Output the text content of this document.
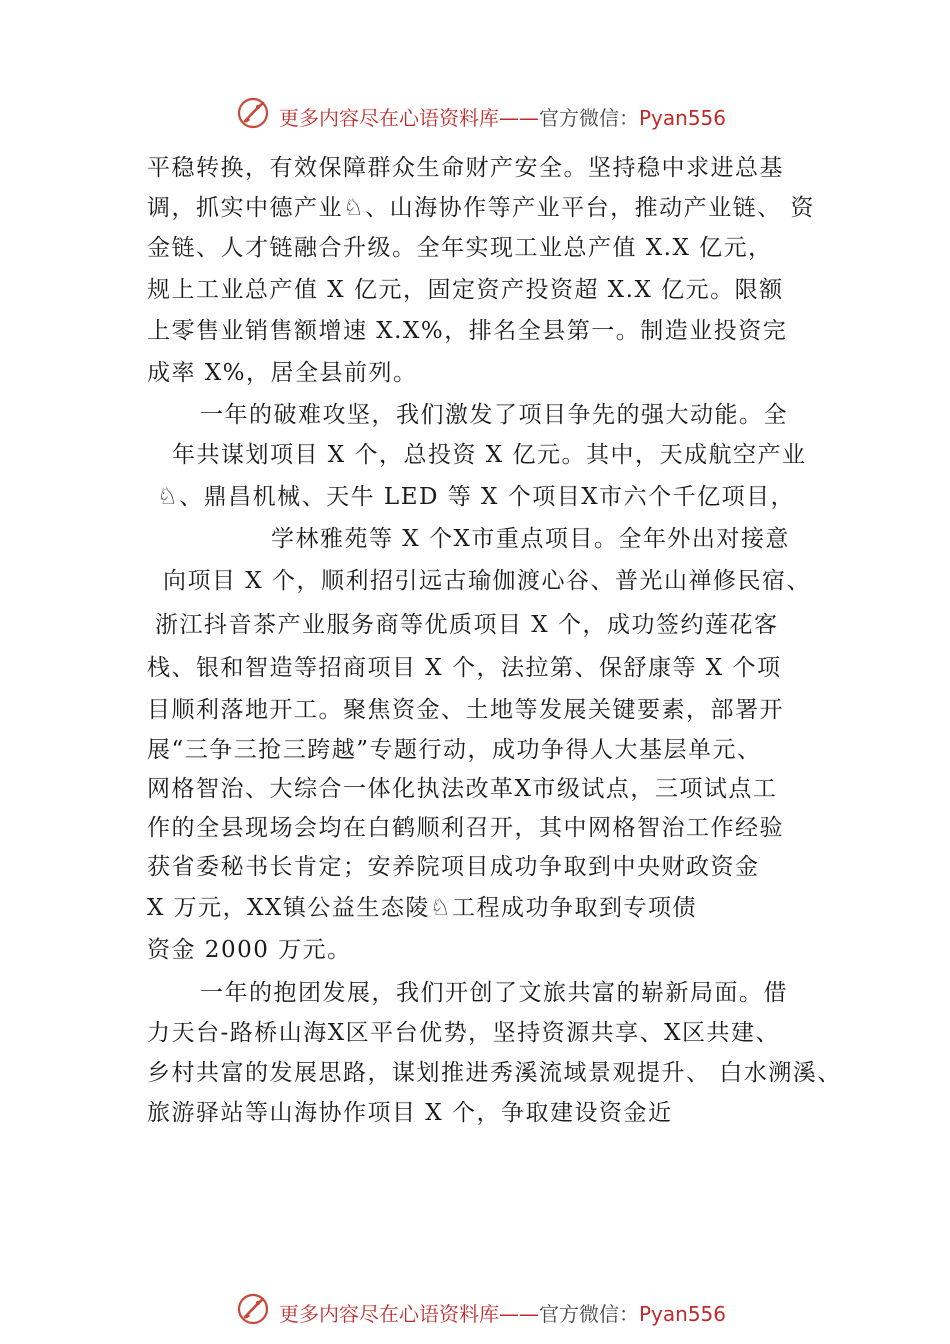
更多内容尽在心语资料库——官方微信：Pyan556
平稳转换，有效保障群众生命财产安全。坚持稳中求进总基
调，抓实中德产业♘、山海协作等产业平台，推动产业链、 资
金链、人才链融合升级。全年实现工业总产值 X.X 亿元，
规上工业总产值 X 亿元，固定资产投资超 X.X 亿元。限额
上零售业销售额增速 X.X%，排名全县第一。制造业投资完
成率 X%，居全县前列。
一年的破难攻坚，我们激发了项目争先的强大动能。全
年共谋划项目 X 个，总投资 X 亿元。其中，天成航空产业
♘、鼎昌机械、天牛 LED 等 X 个项目Ⅹ市六个千亿项目，
学林雅苑等 X 个Ⅹ市重点项目。全年外出对接意
向项目 X 个，顺利招引远古瑜伽渡心谷、普光山禅修民宿、
浙江抖音茶产业服务商等优质项目 X 个，成功签约莲花客
栈、银和智造等招商项目 X 个，法拉第、保舒康等 X 个项
目顺利落地开工。聚焦资金、土地等发展关键要素，部署开
展“三争三抢三跨越”专题行动，成功争得人大基层单元、
网格智治、大综合一体化执法改革Ⅹ市级试点，三项试点工
作的全县现场会均在白鹤顺利召开，其中网格智治工作经验
获省委秘书长肯定；安养院项目成功争取到中央财政资金
X 万元，ⅩⅩ镇公益生态陵♘工程成功争取到专项债
资金 2000 万元。
一年的抱团发展，我们开创了文旅共富的崭新局面。借
力天台-路桥山海Ⅹ区平台优势，坚持资源共享、Ⅹ区共建、
乡村共富的发展思路，谋划推进秀溪流域景观提升、 白水溯溪、
旅游驿站等山海协作项目 X 个，争取建设资金近
更多内容尽在心语资料库——官方微信：Pyan556
